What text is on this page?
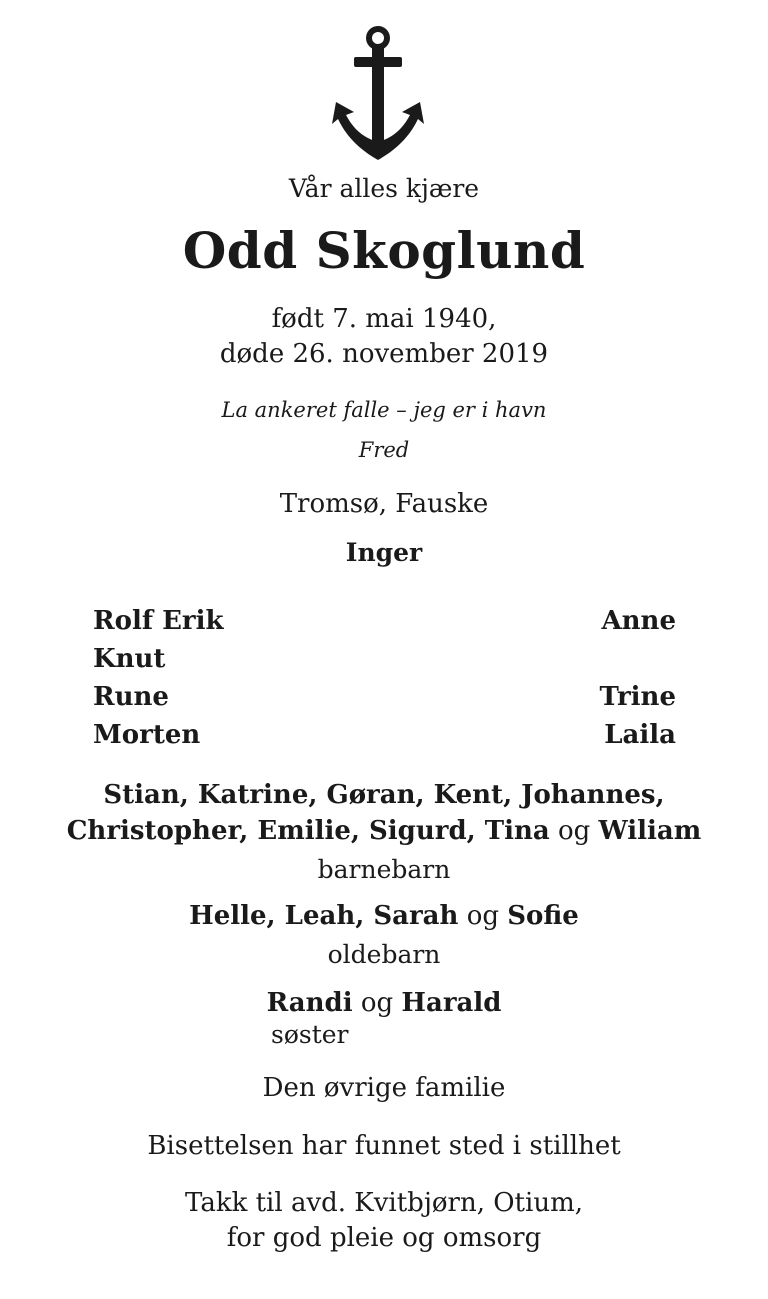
Vår alles kjære
Odd Skoglund
født 7. mai 1940,
døde 26. november 2019
La ankeret falle – jeg er i havn
Fred
Tromsø, Fauske
Inger
Rolf Erik
Knut
Rune
Morten
Anne
Trine
Laila
Stian, Katrine, Gøran, Kent, Johannes,
Christopher, Emilie, Sigurd, Tina og Wiliam
barnebarn
Helle, Leah, Sarah og Sofie
oldebarn
Randi og Harald
søster
Den øvrige familie
Bisettelsen har funnet sted i stillhet
Takk til avd. Kvitbjørn, Otium,
for god pleie og omsorg
